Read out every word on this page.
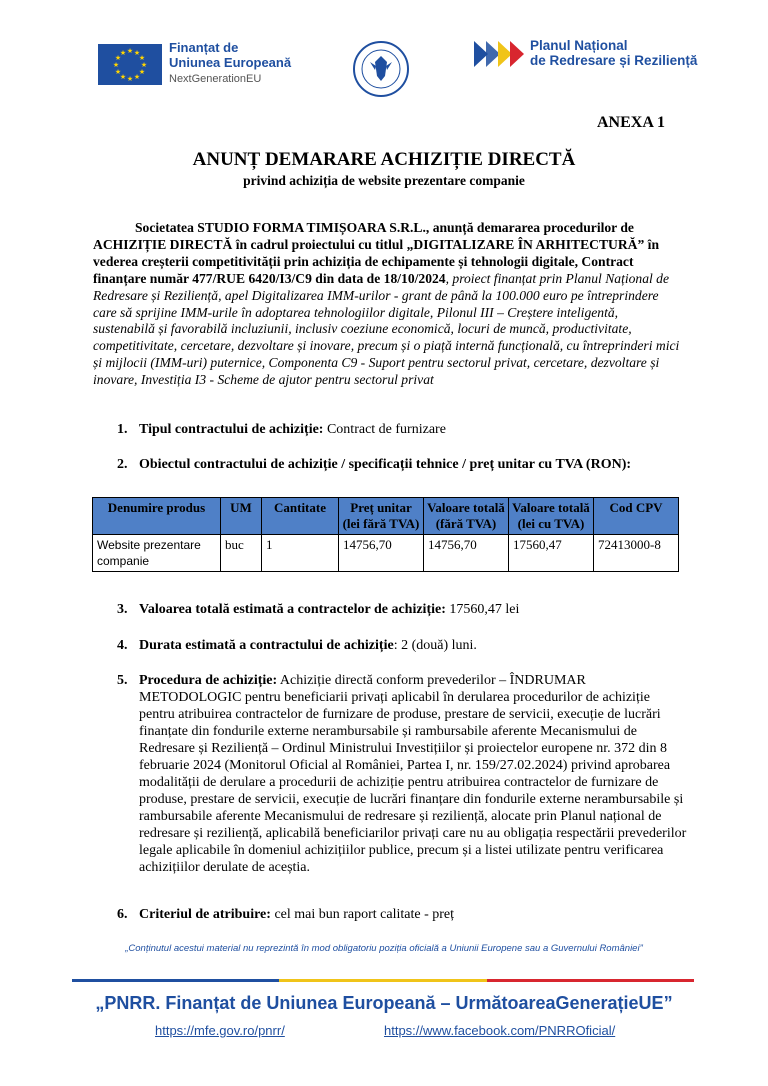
★ ★
★
★
★
★
★
★
★
★
★
★	Finanțat de
Uniunea Europeană
NextGenerationEU
Planul Național
de Redresare și Reziliență
ANEXA 1
ANUNȚ DEMARARE ACHIZIȚIE DIRECTĂ
privind achiziția de website prezentare companie
Societatea STUDIO FORMA TIMIȘOARA S.R.L., anunță demararea procedurilor de ACHIZIȚIE DIRECTĂ în cadrul proiectului cu titlul „DIGITALIZARE ÎN ARHITECTURĂ” în vederea creșterii competitivității prin achiziția de echipamente și tehnologii digitale, Contract finanțare număr 477/RUE 6420/I3/C9 din data de 18/10/2024, proiect finanțat prin Planul Național de Redresare și Reziliență, apel Digitalizarea IMM-urilor - grant de până la 100.000 euro pe întreprindere care să sprijine IMM-urile în adoptarea tehnologiilor digitale, Pilonul III – Creștere inteligentă, sustenabilă și favorabilă incluziunii, inclusiv coeziune economică, locuri de muncă, productivitate, competitivitate, cercetare, dezvoltare și inovare, precum și o piață internă funcțională, cu întreprinderi mici și mijlocii (IMM-uri) puternice, Componenta C9 - Suport pentru sectorul privat, cercetare, dezvoltare și inovare, Investiția I3 - Scheme de ajutor pentru sectorul privat
1. Tipul contractului de achiziție: Contract de furnizare
2. Obiectul contractului de achiziție / specificații tehnice / preț unitar cu TVA (RON):
Denumire produs	UM	Cantitate	Preț unitar (lei fără TVA)	Valoare totală (fără TVA)	Valoare totală (lei cu TVA)	Cod CPV
Website prezentare companie	buc	1	14756,70	14756,70	17560,47	72413000-8
3. Valoarea totală estimată a contractelor de achiziție: 17560,47 lei
4. Durata estimată a contractului de achiziție: 2 (două) luni.
5. Procedura de achiziție: Achiziție directă conform prevederilor – ÎNDRUMAR METODOLOGIC pentru beneficiarii privați aplicabil în derularea procedurilor de achiziție pentru atribuirea contractelor de furnizare de produse, prestare de servicii, execuție de lucrări finanțate din fondurile externe nerambursabile și rambursabile aferente Mecanismului de Redresare și Reziliență – Ordinul Ministrului Investițiilor și proiectelor europene nr. 372 din 8 februarie 2024 (Monitorul Oficial al României, Partea I, nr. 159/27.02.2024) privind aprobarea modalității de derulare a procedurii de achiziție pentru atribuirea contractelor de furnizare de produse, prestare de servicii, execuție de lucrări finanțare din fondurile externe nerambursabile și rambursabile aferente Mecanismului de redresare și reziliență, alocate prin Planul național de redresare și reziliență, aplicabilă beneficiarilor privați care nu au obligația respectării prevederilor legale aplicabile în domeniul achizițiilor publice, precum și a listei utilizate pentru verificarea achizițiilor derulate de aceștia.
6. Criteriul de atribuire: cel mai bun raport calitate - preț
„Conținutul acestui material nu reprezintă în mod obligatoriu poziția oficială a Uniunii Europene sau a Guvernului României”
„PNRR. Finanțat de Uniunea Europeană – UrmătoareaGenerațieUE”
https://mfe.gov.ro/pnrr/	https://www.facebook.com/PNRROficial/
